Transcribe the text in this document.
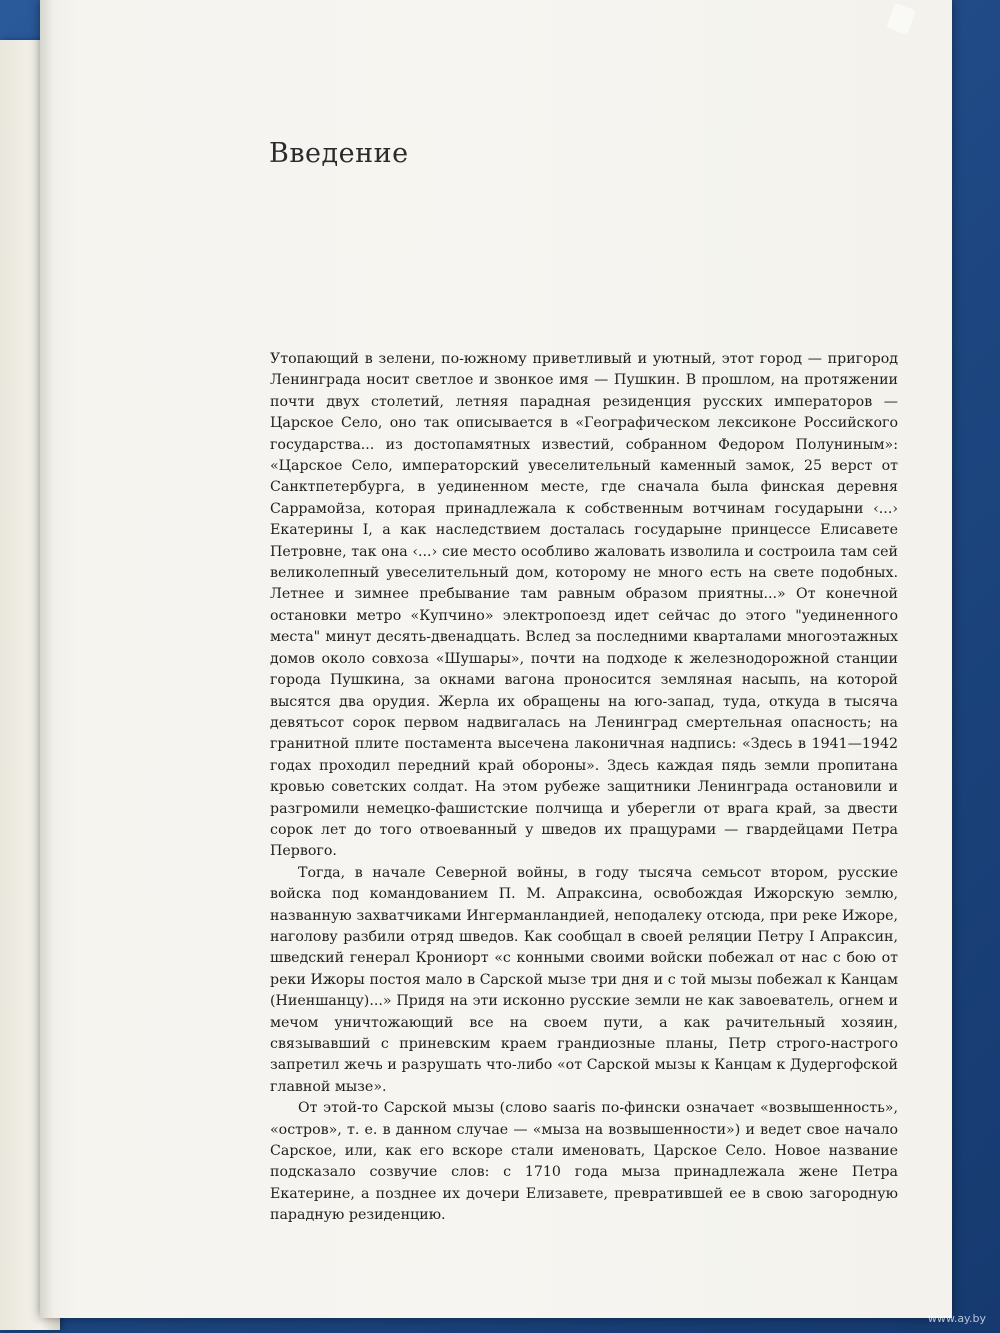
Введение

Утопающий в зелени, по-южному приветливый и уютный, этот город — пригород Ленинграда носит светлое и звонкое имя — Пушкин. В прошлом, на протяжении почти двух столетий, летняя парадная резиденция русских императоров — Царское Село, оно так описывается в «Географическом лексиконе Российского государства... из достопамятных известий, собранном Федором Полуниным»: «Царское Село, императорский увеселительный каменный замок, 25 верст от Санктпетербурга, в уединенном месте, где сначала была финская деревня Саррамойза, которая принадлежала к собственным вотчинам государыни ‹...› Екатерины I, а как наследствием досталась государыне принцессе Елисавете Петровне, так она ‹...› сие место особливо жаловать изволила и состроила там сей великолепный увеселительный дом, которому не много есть на свете подобных. Летнее и зимнее пребывание там равным образом приятны...» От конечной остановки метро «Купчино» электропоезд идет сейчас до этого "уединенного места" минут десять-двенадцать. Вслед за последними кварталами многоэтажных домов около совхоза «Шушары», почти на подходе к железнодорожной станции города Пушкина, за окнами вагона проносится земляная насыпь, на которой высятся два орудия. Жерла их обращены на юго-запад, туда, откуда в тысяча девятьсот сорок первом надвигалась на Ленинград смертельная опасность; на гранитной плите постамента высечена лаконичная надпись: «Здесь в 1941—1942 годах проходил передний край обороны». Здесь каждая пядь земли пропитана кровью советских солдат. На этом рубеже защитники Ленинграда остановили и разгромили немецко-фашистские полчища и уберегли от врага край, за двести сорок лет до того отвоеванный у шведов их пращурами — гвардейцами Петра Первого.

Тогда, в начале Северной войны, в году тысяча семьсот втором, русские войска под командованием П. М. Апраксина, освобождая Ижорскую землю, названную захватчиками Ингерманландией, неподалеку отсюда, при реке Ижоре, наголову разбили отряд шведов. Как сообщал в своей реляции Петру I Апраксин, шведский генерал Крониорт «с конными своими войски побежал от нас с бою от реки Ижоры постоя мало в Сарской мызе три дня и с той мызы побежал к Канцам (Ниеншанцу)...» Придя на эти исконно русские земли не как завоеватель, огнем и мечом уничтожающий все на своем пути, а как рачительный хозяин, связывавший с приневским краем грандиозные планы, Петр строго-настрого запретил жечь и разрушать что-либо «от Сарской мызы к Канцам к Дудергофской главной мызе».

От этой-то Сарской мызы (слово saaris по-фински означает «возвышенность», «остров», т. е. в данном случае — «мыза на возвышенности») и ведет свое начало Сарское, или, как его вскоре стали именовать, Царское Село. Новое название подсказало созвучие слов: с 1710 года мыза принадлежала жене Петра Екатерине, а позднее их дочери Елизавете, превратившей ее в свою загородную парадную резиденцию.

www.ay.by
